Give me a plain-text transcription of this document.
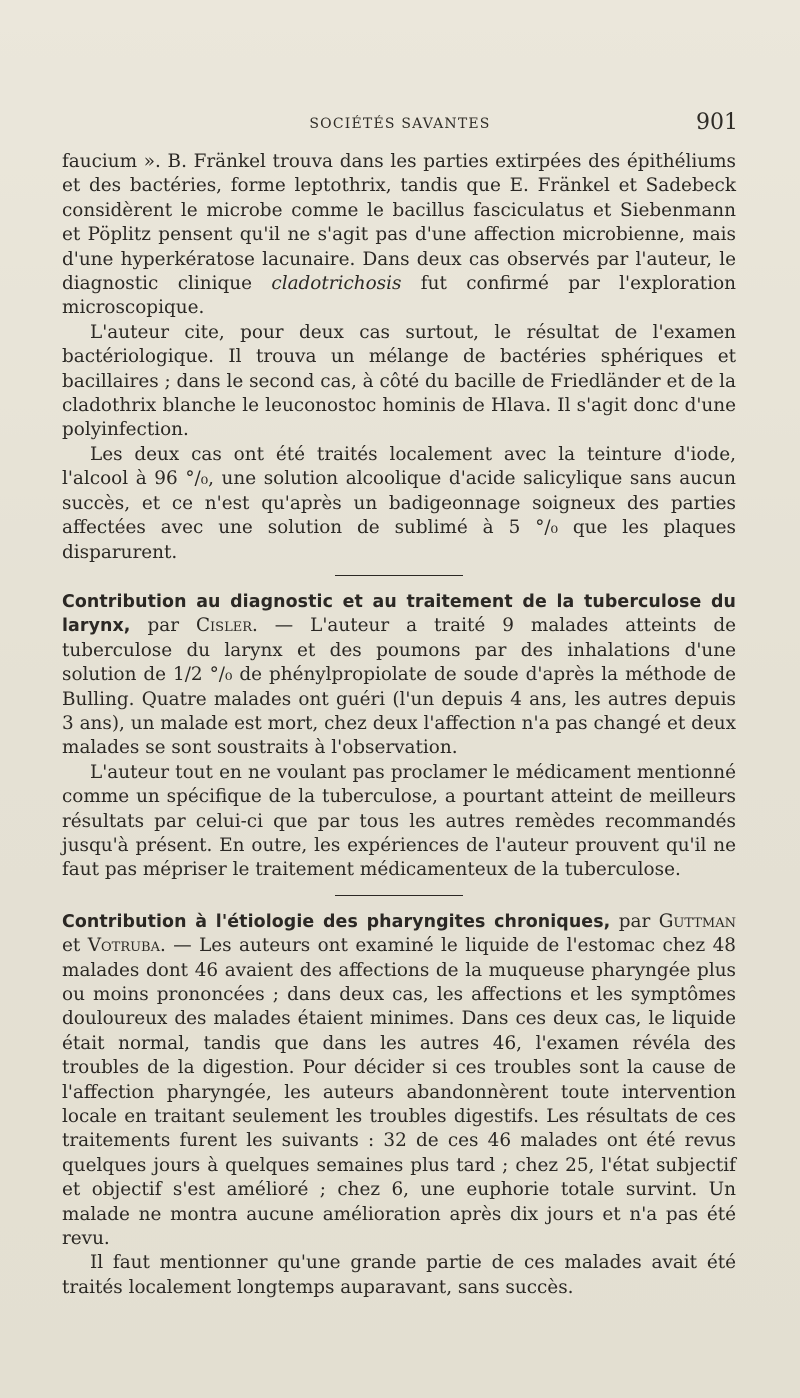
SOCIÉTÉS SAVANTES	901

faucium ». B. Fränkel trouva dans les parties extirpées des épithéliums et des bactéries, forme leptothrix, tandis que E. Fränkel et Sadebeck considèrent le microbe comme le bacillus fasciculatus et Siebenmann et Pöplitz pensent qu'il ne s'agit pas d'une affection microbienne, mais d'une hyperkératose lacunaire. Dans deux cas observés par l'auteur, le diagnostic clinique cladotrichosis fut confirmé par l'exploration microscopique.

L'auteur cite, pour deux cas surtout, le résultat de l'examen bactériologique. Il trouva un mélange de bactéries sphériques et bacillaires ; dans le second cas, à côté du bacille de Friedländer et de la cladothrix blanche le leuconostoc hominis de Hlava. Il s'agit donc d'une polyinfection.

Les deux cas ont été traités localement avec la teinture d'iode, l'alcool à 96 °/₀, une solution alcoolique d'acide salicylique sans aucun succès, et ce n'est qu'après un badigeonnage soigneux des parties affectées avec une solution de sublimé à 5 °/₀ que les plaques disparurent.

Contribution au diagnostic et au traitement de la tuberculose du larynx, par Cisler. — L'auteur a traité 9 malades atteints de tuberculose du larynx et des poumons par des inhalations d'une solution de 1/2 °/₀ de phénylpropiolate de soude d'après la méthode de Bulling. Quatre malades ont guéri (l'un depuis 4 ans, les autres depuis 3 ans), un malade est mort, chez deux l'affection n'a pas changé et deux malades se sont soustraits à l'observation.

L'auteur tout en ne voulant pas proclamer le médicament mentionné comme un spécifique de la tuberculose, a pourtant atteint de meilleurs résultats par celui-ci que par tous les autres remèdes recommandés jusqu'à présent. En outre, les expériences de l'auteur prouvent qu'il ne faut pas mépriser le traitement médicamenteux de la tuberculose.

Contribution à l'étiologie des pharyngites chroniques, par Guttman et Votruba. — Les auteurs ont examiné le liquide de l'estomac chez 48 malades dont 46 avaient des affections de la muqueuse pharyngée plus ou moins prononcées ; dans deux cas, les affections et les symptômes douloureux des malades étaient minimes. Dans ces deux cas, le liquide était normal, tandis que dans les autres 46, l'examen révéla des troubles de la digestion. Pour décider si ces troubles sont la cause de l'affection pharyngée, les auteurs abandonnèrent toute intervention locale en traitant seulement les troubles digestifs. Les résultats de ces traitements furent les suivants : 32 de ces 46 malades ont été revus quelques jours à quelques semaines plus tard ; chez 25, l'état subjectif et objectif s'est amélioré ; chez 6, une euphorie totale survint. Un malade ne montra aucune amélioration après dix jours et n'a pas été revu.

Il faut mentionner qu'une grande partie de ces malades avait été traités localement longtemps auparavant, sans succès.
